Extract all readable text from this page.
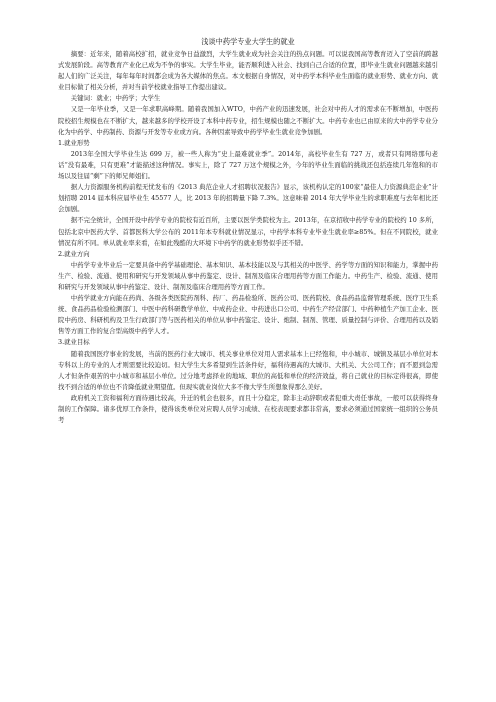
浅谈中药学专业大学生的就业

摘要：近年来，随着高校扩招，就业竞争日益激烈，大学生就业成为社会关注的热点问题。可以说我国高等教育迈入了空前的跨越式发展阶段。高等教育产业化已成为不争的事实。大学生毕业，能否顺利进入社会、找到自己合适的位置，即毕业生就业问题越来越引起人们的广泛关注，每年每年时间都会成为各大媒体的焦点。本文根据自身情况，对中药学本科毕业生面临的就业形势、就业方向、就业目标做了相关分析，并对当前学校就业指导工作提出建议。

关键词：就业；中药学；大学生

又是一年毕业季，又是一年求职高峰期。随着我国加入WTO，中药产业的迅速发展，社会对中药人才的需求在不断增加，中医药院校招生规模也在不断扩大，越来越多的学校开设了本科中药专业，招生规模也随之不断扩大。中药专业也已由原来的大中药学专业分化为中药学、中药制药、资源与开发等专业或方向。各种因素导致中药学毕业生就业竞争加剧。

1.就业形势

2013年全国大学毕业生达 699 万，被一些人称为“史上最难就业季”。2014年，高校毕业生有 727 万，或者只有网络那句老话“没有最难，只有更难”才能描述这种情况。事实上，除了 727 万这个规模之外，今年的毕业生面临的挑战还包括连续几年饱和的市场以及往届“剩”下的师兄师姐们。

据人力资源服务机构前程无忧发布的《2013 典范企业人才招聘状况报告》显示，该机构认定的100家“最佳人力资源典范企业”计划招聘 2014 届本科应届毕业生 45577 人，比 2013 年的招聘量下降 7.3%。这意味着 2014 年大学毕业生的求职难度与去年相比还会加剧。

据不完全统计，全国开设中药学专业的院校有近百所，主要以医学类院校为主。2013年，在京招收中药学专业的院校约 10 多所，包括北京中医药大学、首都医科大学公布的 2011年本专科就业情况显示，中药学本科专业毕业生就业率≥85%。但在不同院校，就业情况有所不同。单从就业率来看，在如此残酷的大环境下中药学的就业形势似乎还不错。

2.就业方向

中药学专业毕业后一定要具备中药学基础理论、基本知识、基本技能以及与其相关的中医学、药学等方面的知识和能力，掌握中药生产、检验、流通、使用和研究与开发领域从事中药鉴定、设计、制剂及临床合理用药等方面工作能力。中药生产、检验、流通、使用和研究与开发领域从事中药鉴定、设计、制剂及临床合理用药等方面工作。

中药学就业方向能在药尚、各级各类医院药剂科、药厂、药品检验所、医药公司、医药院校、食品药品监督管理系统、医疗卫生系统、食品药品检验检测部门、中医中药科研教学单位、中成药企业、中药进出口公司、中药生产经营部门、中药种植生产加工企业、医院中药房、科研机构及卫生行政部门等与医药相关的单位从事中药鉴定、设计、炮制、制剂、管理、质量控制与评价、合理用药以及销售等方面工作的复合型高级中药学人才。

3.就业目标

随着我国医疗事业的发展，当前的医药行业大城市、机关事业单位对用人需求基本上已经饱和，中小城市、城镇及基层小单位对本专科以上的专业的人才则需要比较迫切。但大学生大多希望到生活条件好，福利待遇高的大城市、大机关、大公司工作；而不愿到急需人才但条件艰苦的中小城市和基层小单位。过分地考虑择业的地域、职位的高低和单位的经济效益，将自己就业的目标定得很高，即使找不到合适的单位也不肯降低就业期望值。但现实就业岗位大多不像大学生所想象得那么美好。

政府机关工资和福利方面待遇比较高，升迁的机会也很多，而且十分稳定，除非主动辞职或者犯重大责任事故，一般可以获得终身制的工作保障。诸多优厚工作条件，使得该类单位对应聘人员学习成绩、在校表现要求都非常高，要求必须通过国家统一组织的公务员考
